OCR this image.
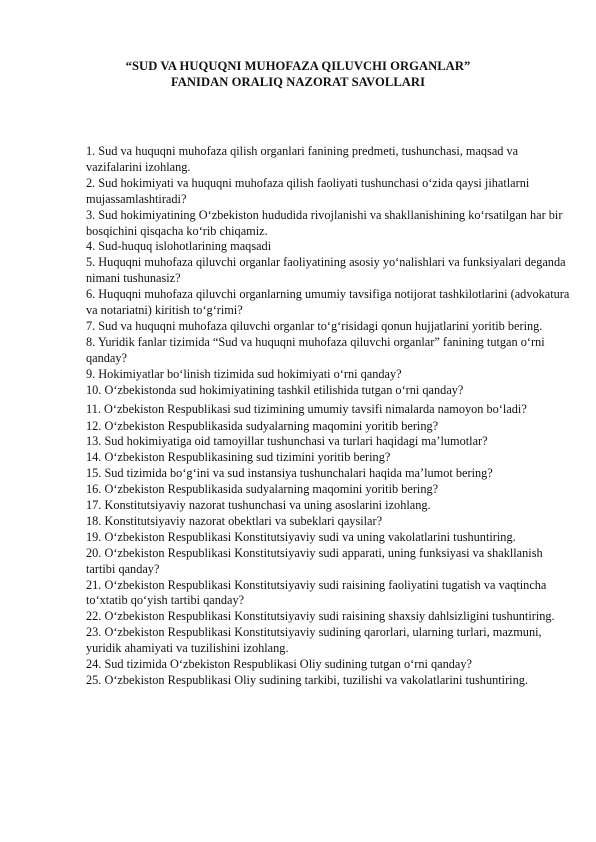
“SUD VA HUQUQNI MUHOFAZA QILUVCHI ORGANLAR”
FANIDAN ORALIQ NAZORAT SAVOLLARI

1. Sud va huquqni muhofaza qilish organlari fanining predmeti, tushunchasi, maqsad va vazifalarini izohlang.

2. Sud hokimiyati va huquqni muhofaza qilish faoliyati tushunchasi o‘zida qaysi jihatlarni mujassamlashtiradi?

3. Sud hokimiyatining O‘zbekiston hududida rivojlanishi va shakllanishining ko‘rsatilgan har bir bosqichini qisqacha ko‘rib chiqamiz.

4. Sud-huquq islohotlarining maqsadi

5. Huquqni muhofaza qiluvchi organlar faoliyatining asosiy yo‘nalishlari va funksiyalari deganda nimani tushunasiz?

6. Huquqni muhofaza qiluvchi organlarning umumiy tavsifiga notijorat tashkilotlarini (advokatura va notariatni) kiritish to‘g‘rimi?

7. Sud va huquqni muhofaza qiluvchi organlar to‘g‘risidagi qonun hujjatlarini yoritib bering.

8. Yuridik fanlar tizimida “Sud va huquqni muhofaza qiluvchi organlar” fanining tutgan o‘rni qanday?

9. Hokimiyatlar bo‘linish tizimida sud hokimiyati o‘rni qanday?

10. O‘zbekistonda sud hokimiyatining tashkil etilishida tutgan o‘rni qanday?

11. O‘zbekiston Respublikasi sud tizimining umumiy tavsifi nimalarda namoyon bo‘ladi?

12. O‘zbekiston Respublikasida sudyalarning maqomini yoritib bering?

13. Sud hokimiyatiga oid tamoyillar tushunchasi va turlari haqidagi ma’lumotlar?

14. O‘zbekiston Respublikasining sud tizimini yoritib bering?

15. Sud tizimida bo‘g‘ini va sud instansiya tushunchalari haqida ma’lumot bering?

16. O‘zbekiston Respublikasida sudyalarning maqomini yoritib bering?

17. Konstitutsiyaviy nazorat tushunchasi va uning asoslarini izohlang.

18. Konstitutsiyaviy nazorat obektlari va subeklari qaysilar?

19. O‘zbekiston Respublikasi Konstitutsiyaviy sudi va uning vakolatlarini tushuntiring.

20. O‘zbekiston Respublikasi Konstitutsiyaviy sudi apparati, uning funksiyasi va shakllanish tartibi qanday?

21. O‘zbekiston Respublikasi Konstitutsiyaviy sudi raisining faoliyatini tugatish va vaqtincha to‘xtatib qo‘yish tartibi qanday?

22. O‘zbekiston Respublikasi Konstitutsiyaviy sudi raisining shaxsiy dahlsizligini tushuntiring.

23. O‘zbekiston Respublikasi Konstitutsiyaviy sudining qarorlari, ularning turlari, mazmuni, yuridik ahamiyati va tuzilishini izohlang.

24. Sud tizimida O‘zbekiston Respublikasi Oliy sudining tutgan o‘rni qanday?

25. O‘zbekiston Respublikasi Oliy sudining tarkibi, tuzilishi va vakolatlarini tushuntiring.
